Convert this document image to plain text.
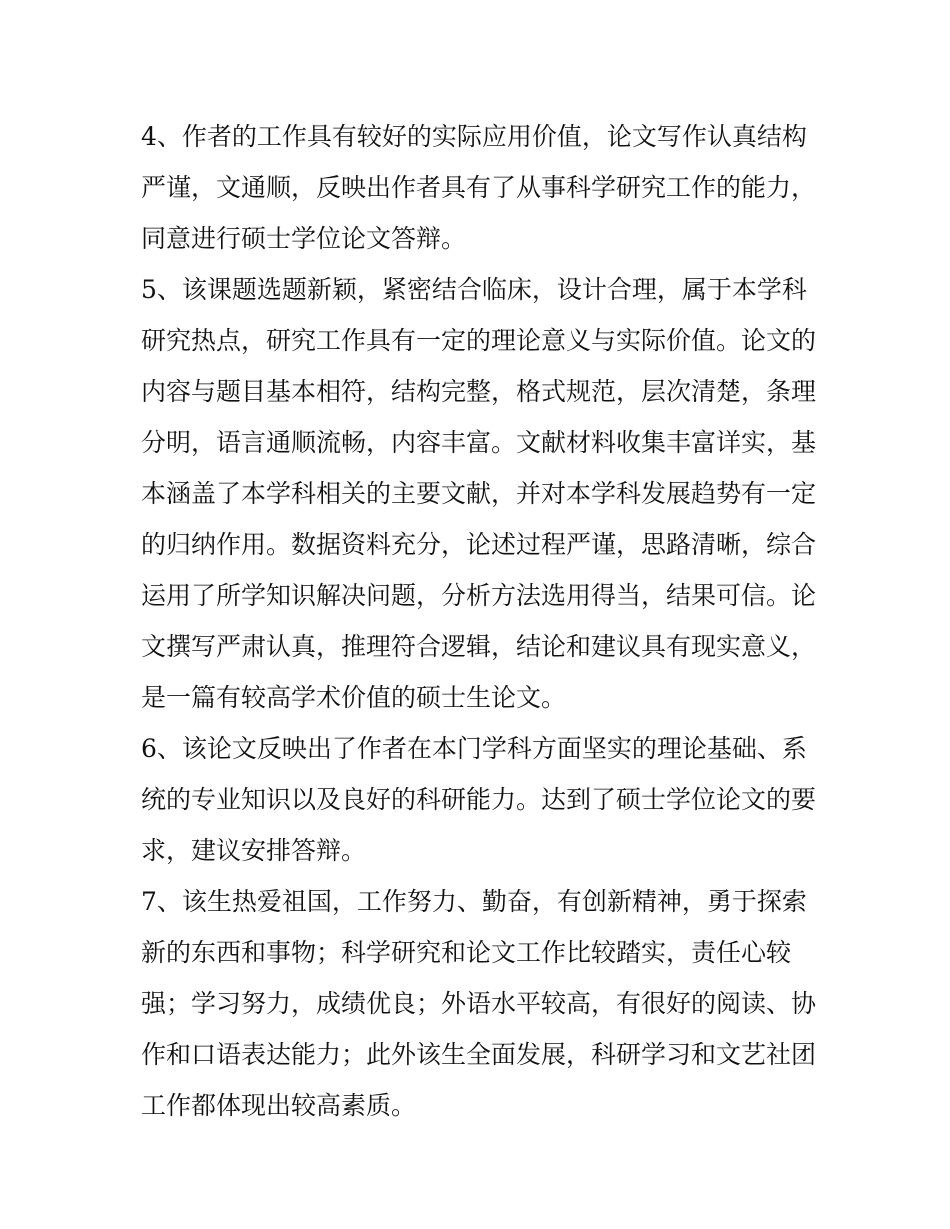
4、作者的工作具有较好的实际应用价值，论文写作认真结构
严谨，文通顺，反映出作者具有了从事科学研究工作的能力，
同意进行硕士学位论文答辩。

5、该课题选题新颖，紧密结合临床，设计合理，属于本学科
研究热点，研究工作具有一定的理论意义与实际价值。论文的
内容与题目基本相符，结构完整，格式规范，层次清楚，条理
分明，语言通顺流畅，内容丰富。文献材料收集丰富详实，基
本涵盖了本学科相关的主要文献，并对本学科发展趋势有一定
的归纳作用。数据资料充分，论述过程严谨，思路清晰，综合
运用了所学知识解决问题，分析方法选用得当，结果可信。论
文撰写严肃认真，推理符合逻辑，结论和建议具有现实意义，
是一篇有较高学术价值的硕士生论文。

6、该论文反映出了作者在本门学科方面坚实的理论基础、系
统的专业知识以及良好的科研能力。达到了硕士学位论文的要
求，建议安排答辩。

7、该生热爱祖国，工作努力、勤奋，有创新精神，勇于探索
新的东西和事物；科学研究和论文工作比较踏实，责任心较
强；学习努力，成绩优良；外语水平较高，有很好的阅读、协
作和口语表达能力；此外该生全面发展，科研学习和文艺社团
工作都体现出较高素质。
